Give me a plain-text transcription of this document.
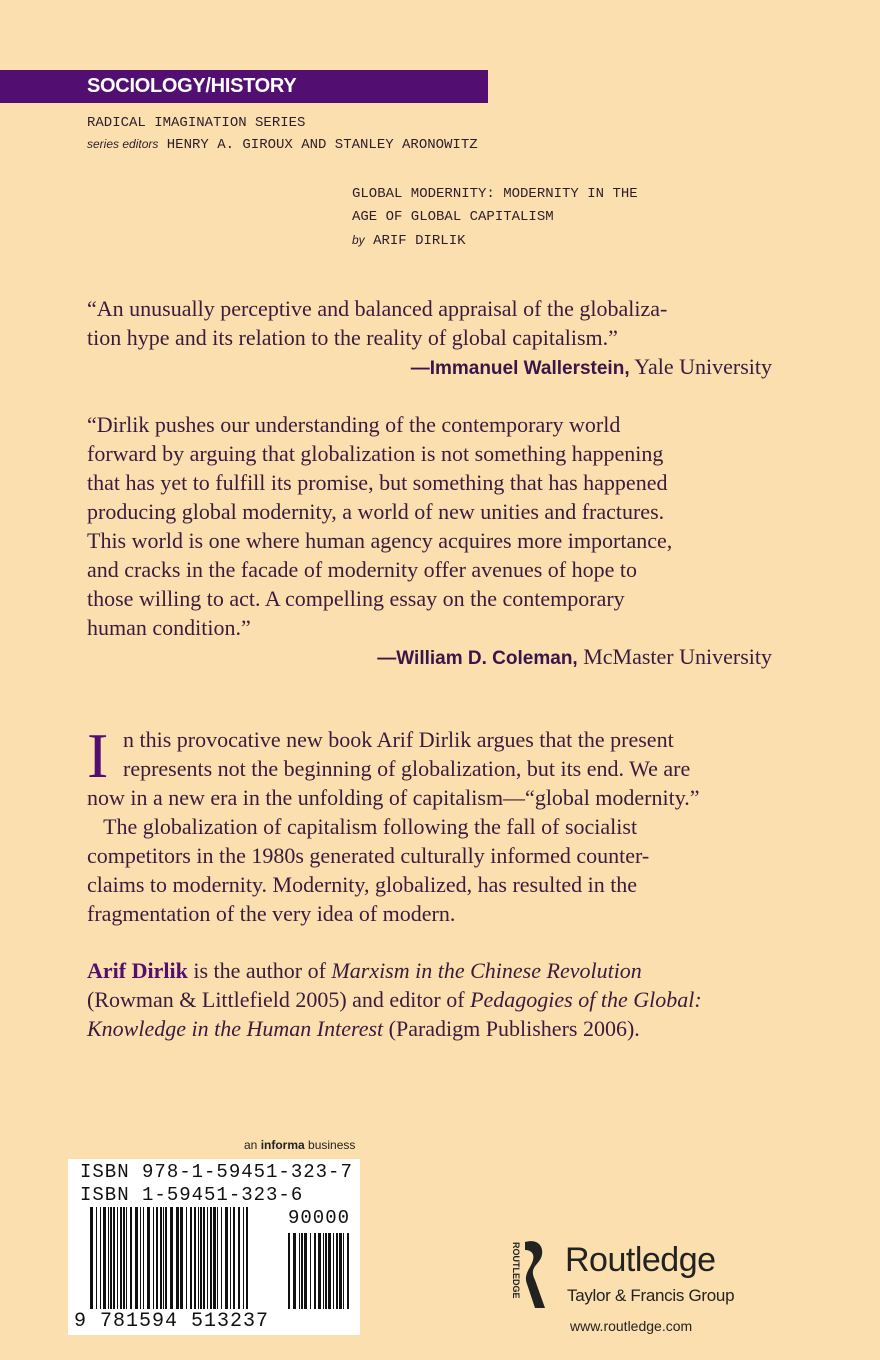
SOCIOLOGY/HISTORY
RADICAL IMAGINATION SERIES
series editors HENRY A. GIROUX AND STANLEY ARONOWITZ
GLOBAL MODERNITY: MODERNITY IN THE
AGE OF GLOBAL CAPITALISM
by ARIF DIRLIK
“An unusually perceptive and balanced appraisal of the globaliza-
tion hype and its relation to the reality of global capitalism.”
—Immanuel Wallerstein, Yale University
“Dirlik pushes our understanding of the contemporary world
forward by arguing that globalization is not something happening
that has yet to fulfill its promise, but something that has happened
producing global modernity, a world of new unities and fractures.
This world is one where human agency acquires more importance,
and cracks in the facade of modernity offer avenues of hope to
those willing to act. A compelling essay on the contemporary
human condition.”
—William D. Coleman, McMaster University
I n this provocative new book Arif Dirlik argues that the present
represents not the beginning of globalization, but its end. We are
now in a new era in the unfolding of capitalism—“global modernity.”
The globalization of capitalism following the fall of socialist
competitors in the 1980s generated culturally informed counter-
claims to modernity. Modernity, globalized, has resulted in the
fragmentation of the very idea of modern.
Arif Dirlik is the author of Marxism in the Chinese Revolution
(Rowman & Littlefield 2005) and editor of Pedagogies of the Global:
Knowledge in the Human Interest (Paradigm Publishers 2006).
an informa business
ISBN 978-1-59451-323-7
ISBN 1-59451-323-6
90000
9 781594 513237
ROUTLEDGE Routledge
Taylor & Francis Group
www.routledge.com
